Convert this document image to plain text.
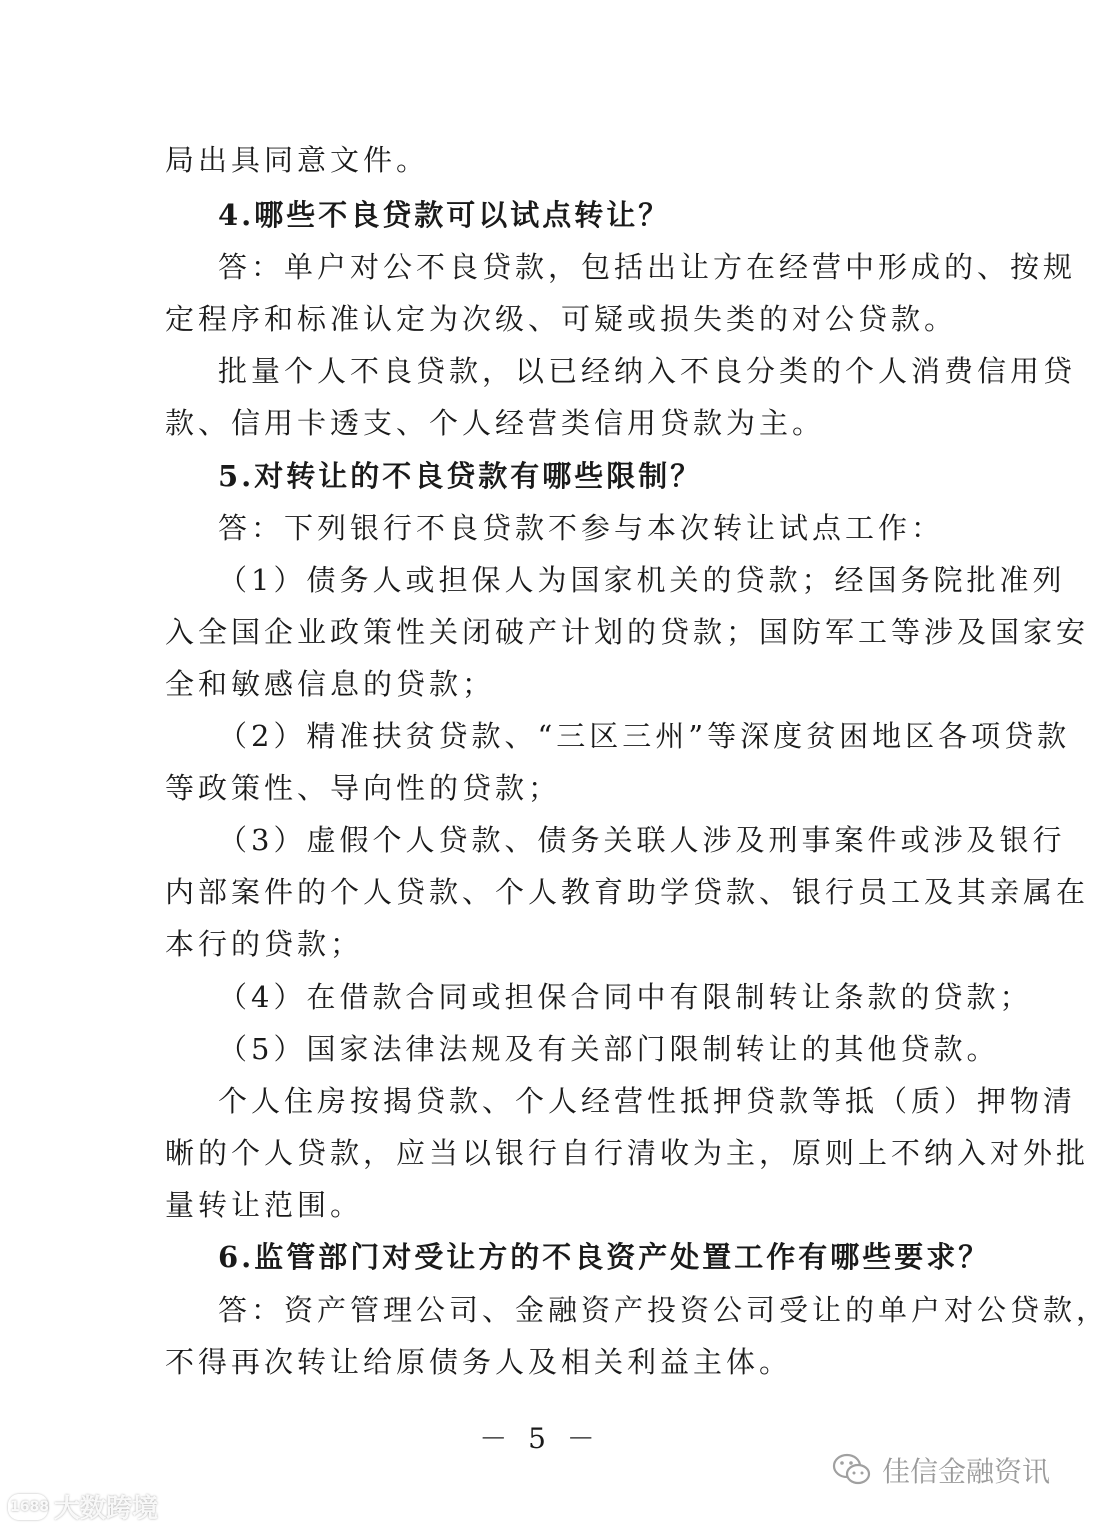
局出具同意文件。
4.哪些不良贷款可以试点转让？
答：单户对公不良贷款，包括出让方在经营中形成的、按规
定程序和标准认定为次级、可疑或损失类的对公贷款。
批量个人不良贷款，以已经纳入不良分类的个人消费信用贷
款、信用卡透支、个人经营类信用贷款为主。
5.对转让的不良贷款有哪些限制？
答：下列银行不良贷款不参与本次转让试点工作：
（1）债务人或担保人为国家机关的贷款；经国务院批准列
入全国企业政策性关闭破产计划的贷款；国防军工等涉及国家安
全和敏感信息的贷款；
（2）精准扶贫贷款、“三区三州”等深度贫困地区各项贷款
等政策性、导向性的贷款；
（3）虚假个人贷款、债务关联人涉及刑事案件或涉及银行
内部案件的个人贷款、个人教育助学贷款、银行员工及其亲属在
本行的贷款；
（4）在借款合同或担保合同中有限制转让条款的贷款；
（5）国家法律法规及有关部门限制转让的其他贷款。
个人住房按揭贷款、个人经营性抵押贷款等抵（质）押物清
晰的个人贷款，应当以银行自行清收为主，原则上不纳入对外批
量转让范围。
6.监管部门对受让方的不良资产处置工作有哪些要求？
答：资产管理公司、金融资产投资公司受让的单户对公贷款，
不得再次转让给原债务人及相关利益主体。
－ 5 －
佳信金融资讯
1688 大数跨境
